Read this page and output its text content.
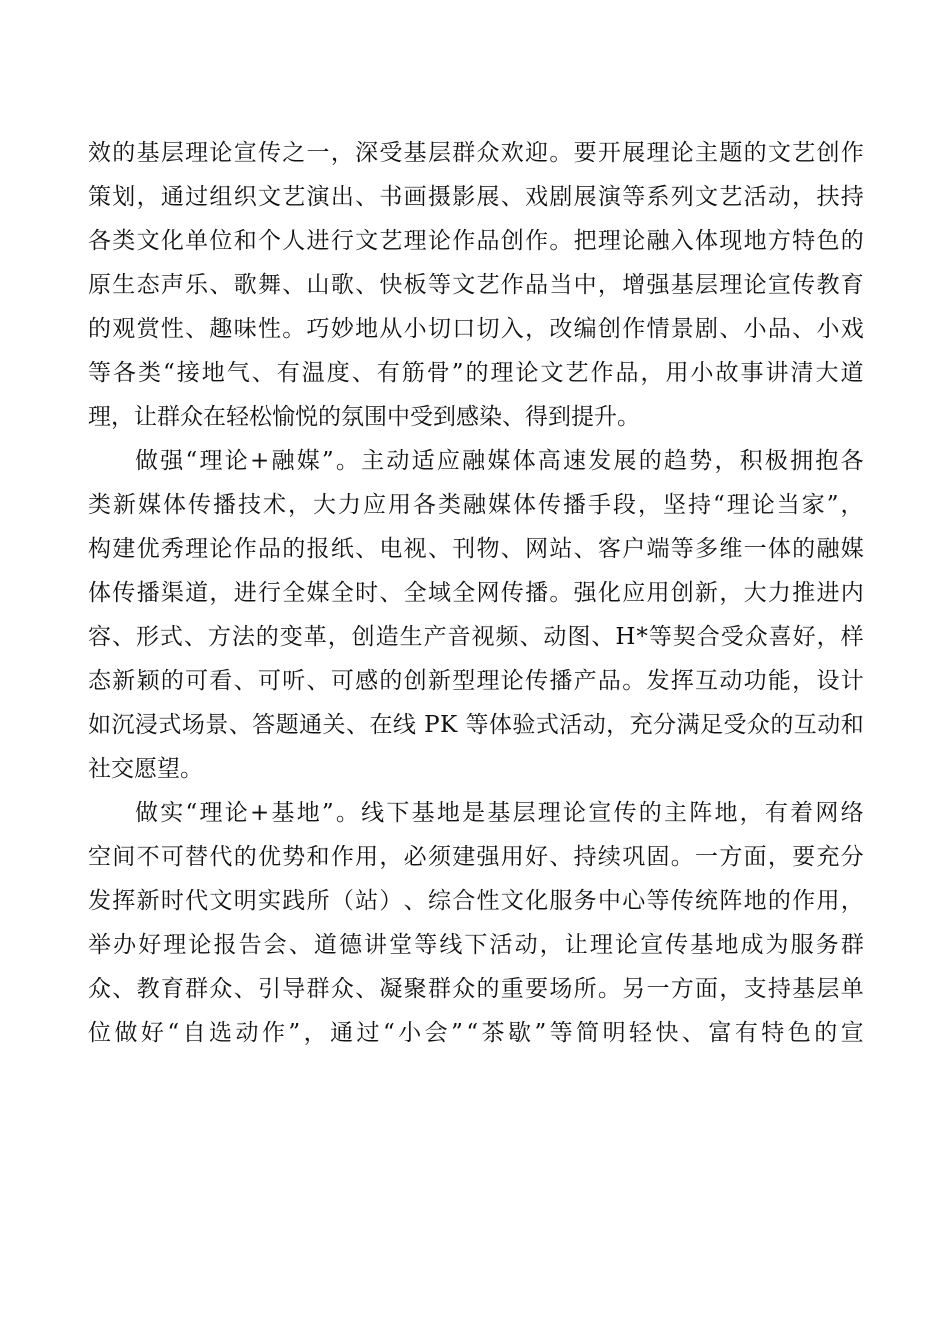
效 的 基 层 理 论 宣 传 之 一 ， 深 受 基 层 群 众 欢 迎 。 要 开 展 理 论 主 题 的 文 艺 创 作
策 划 ， 通 过 组 织 文 艺 演 出 、 书 画 摄 影 展 、 戏 剧 展 演 等 系 列 文 艺 活 动 ， 扶 持
各 类 文 化 单 位 和 个 人 进 行 文 艺 理 论 作 品 创 作 。 把 理 论 融 入 体 现 地 方 特 色 的
原 生 态 声 乐 、 歌 舞 、 山 歌 、 快 板 等 文 艺 作 品 当 中 ， 增 强 基 层 理 论 宣 传 教 育
的 观 赏 性 、 趣 味 性 。 巧 妙 地 从 小 切 口 切 入 ， 改 编 创 作 情 景 剧 、 小 品 、 小 戏
等 各 类 “ 接 地 气 、 有 温 度 、 有 筋 骨 ” 的 理 论 文 艺 作 品 ， 用 小 故 事 讲 清 大 道
理，让群众在轻松愉悦的氛围中受到感染、得到提升。
做 强 “ 理 论 + 融 媒 ” 。 主 动 适 应 融 媒 体 高 速 发 展 的 趋 势 ， 积 极 拥 抱 各
类 新 媒 体 传 播 技 术 ， 大 力 应 用 各 类 融 媒 体 传 播 手 段 ， 坚 持 “ 理 论 当 家 ” ，
构 建 优 秀 理 论 作 品 的 报 纸 、 电 视 、 刊 物 、 网 站 、 客 户 端 等 多 维 一 体 的 融 媒
体 传 播 渠 道 ， 进 行 全 媒 全 时 、 全 域 全 网 传 播 。 强 化 应 用 创 新 ， 大 力 推 进 内
容 、 形 式 、 方 法 的 变 革 ， 创 造 生 产 音 视 频 、 动 图 、 H * 等 契 合 受 众 喜 好 ， 样
态 新 颖 的 可 看 、 可 听 、 可 感 的 创 新 型 理 论 传 播 产 品 。 发 挥 互 动 功 能 ， 设 计
如 沉 浸 式 场 景 、 答 题 通 关 、 在 线
P K
等 体 验 式 活 动 ， 充 分 满 足 受 众 的 互 动 和
社交愿望。
做 实 “ 理 论 + 基 地 ” 。 线 下 基 地 是 基 层 理 论 宣 传 的 主 阵 地 ， 有 着 网 络
空 间 不 可 替 代 的 优 势 和 作 用 ， 必 须 建 强 用 好 、 持 续 巩 固 。 一 方 面 ， 要 充 分
发 挥 新 时 代 文 明 实 践 所 （ 站 ） 、 综 合 性 文 化 服 务 中 心 等 传 统 阵 地 的 作 用 ，
举 办 好 理 论 报 告 会 、 道 德 讲 堂 等 线 下 活 动 ， 让 理 论 宣 传 基 地 成 为 服 务 群
众 、 教 育 群 众 、 引 导 群 众 、 凝 聚 群 众 的 重 要 场 所 。 另 一 方 面 ， 支 持 基 层 单
位 做 好 “ 自 选 动 作 ” ， 通 过 “ 小 会 ” “ 茶 歇 ” 等 简 明 轻 快 、 富 有 特 色 的 宣
